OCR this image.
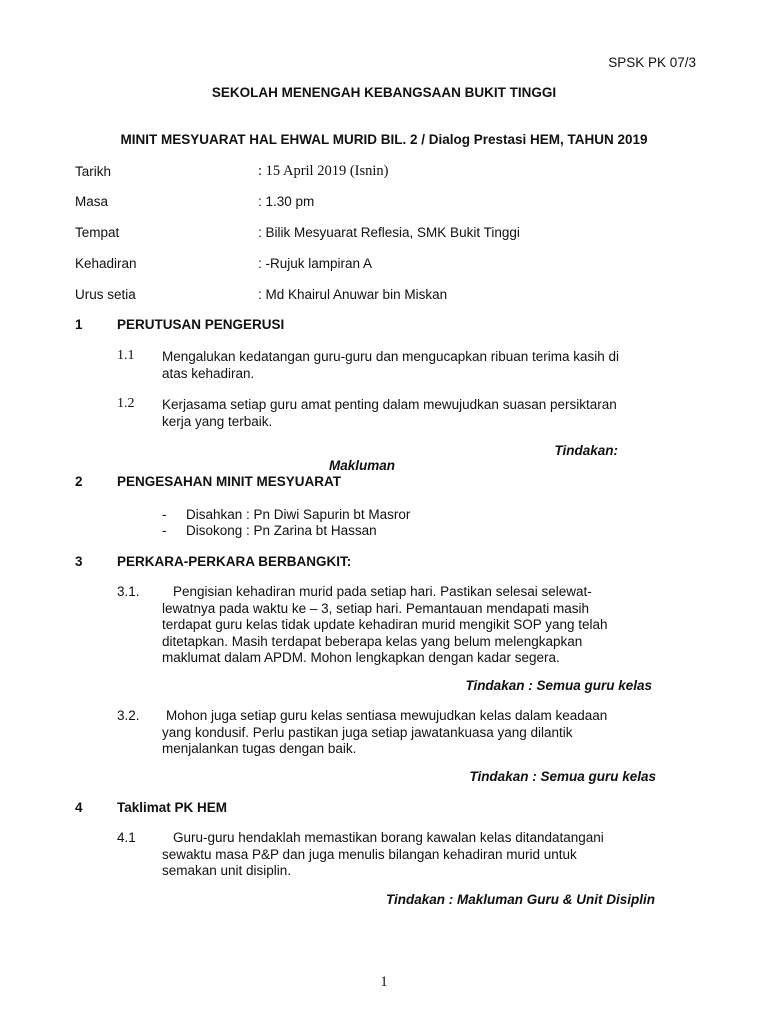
SPSK PK 07/3
SEKOLAH MENENGAH KEBANGSAAN BUKIT TINGGI
MINIT MESYUARAT HAL EHWAL MURID BIL. 2 / Dialog Prestasi HEM, TAHUN 2019
Tarikh	: 15 April 2019 (Isnin)
Masa	: 1.30 pm
Tempat	: Bilik Mesyuarat Reflesia, SMK Bukit Tinggi
Kehadiran	: -Rujuk lampiran A
Urus setia	: Md Khairul Anuwar bin Miskan
1	PERUTUSAN PENGERUSI
1.1 Mengalukan kedatangan guru-guru dan mengucapkan ribuan terima kasih di
atas kehadiran.
1.2 Kerjasama setiap guru amat penting dalam mewujudkan suasan persiktaran
kerja yang terbaik.
Tindakan:
Makluman
2	PENGESAHAN MINIT MESYUARAT
- Disahkan : Pn Diwi Sapurin bt Masror
- Disokong : Pn Zarina bt Hassan
3	PERKARA-PERKARA BERBANGKIT:
3.1. Pengisian kehadiran murid pada setiap hari. Pastikan selesai selewat-
lewatnya pada waktu ke – 3, setiap hari. Pemantauan mendapati masih
terdapat guru kelas tidak update kehadiran murid mengikit SOP yang telah
ditetapkan. Masih terdapat beberapa kelas yang belum melengkapkan
maklumat dalam APDM. Mohon lengkapkan dengan kadar segera.
Tindakan : Semua guru kelas
3.2. Mohon juga setiap guru kelas sentiasa mewujudkan kelas dalam keadaan
yang kondusif. Perlu pastikan juga setiap jawatankuasa yang dilantik
menjalankan tugas dengan baik.
Tindakan : Semua guru kelas
4	Taklimat PK HEM
4.1	Guru-guru hendaklah memastikan borang kawalan kelas ditandatangani
sewaktu masa P&P dan juga menulis bilangan kehadiran murid untuk
semakan unit disiplin.
Tindakan : Makluman Guru & Unit Disiplin
1
